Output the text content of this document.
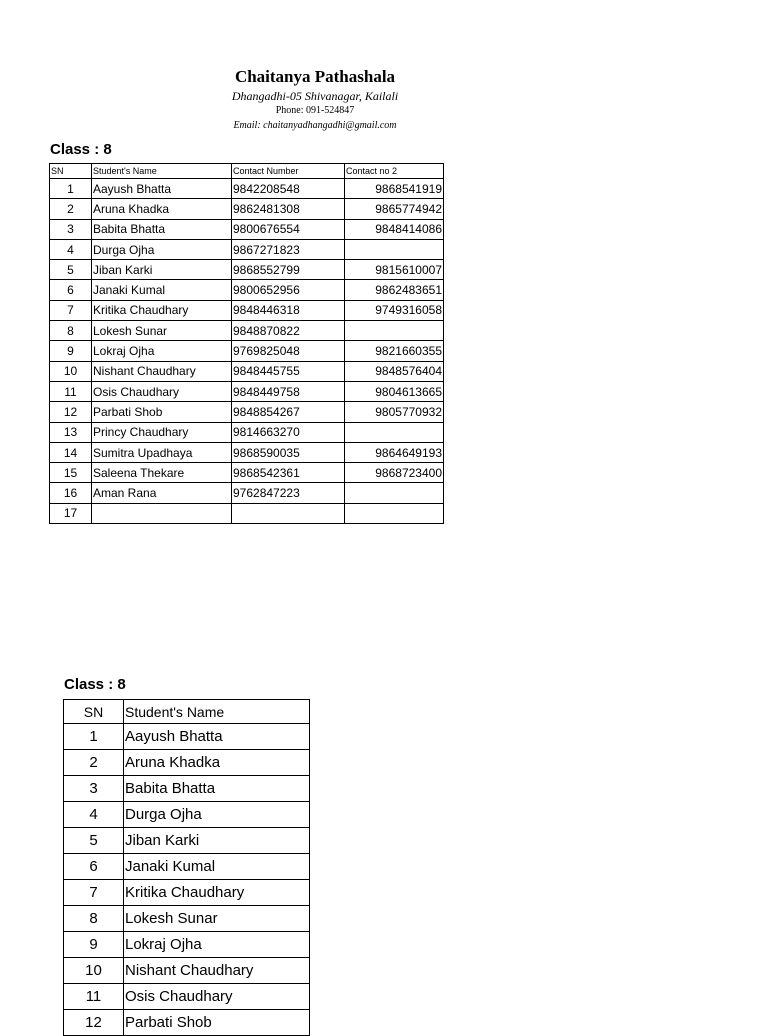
Chaitanya Pathashala
Dhangadhi-05 Shivanagar, Kailali
Phone: 091-524847
Email: chaitanyadhangadhi@gmail.com
Class : 8
SN	Student's Name	Contact Number	Contact no 2
1	Aayush Bhatta	9842208548	9868541919
2	Aruna Khadka	9862481308	9865774942
3	Babita Bhatta	9800676554	9848414086
4	Durga Ojha	9867271823	
5	Jiban Karki	9868552799	9815610007
6	Janaki Kumal	9800652956	9862483651
7	Kritika Chaudhary	9848446318	9749316058
8	Lokesh Sunar	9848870822	
9	Lokraj Ojha	9769825048	9821660355
10	Nishant Chaudhary	9848445755	9848576404
11	Osis Chaudhary	9848449758	9804613665
12	Parbati Shob	9848854267	9805770932
13	Princy Chaudhary	9814663270	
14	Sumitra Upadhaya	9868590035	9864649193
15	Saleena Thekare	9868542361	9868723400
16	Aman Rana	9762847223	
17			
Class : 8
SN	Student's Name
1	Aayush Bhatta
2	Aruna Khadka
3	Babita Bhatta
4	Durga Ojha
5	Jiban Karki
6	Janaki Kumal
7	Kritika Chaudhary
8	Lokesh Sunar
9	Lokraj Ojha
10	Nishant Chaudhary
11	Osis Chaudhary
12	Parbati Shob
